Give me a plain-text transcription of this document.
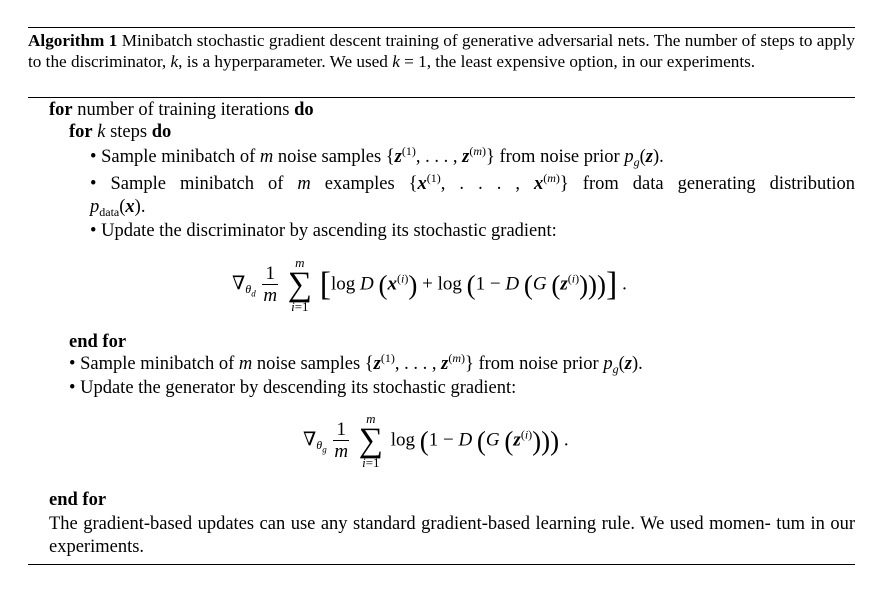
Algorithm 1 Minibatch stochastic gradient descent training of generative adversarial nets. The number of steps to apply to the discriminator, k, is a hyperparameter. We used k = 1, the least expensive option, in our experiments.
for number of training iterations do
for k steps do
• Sample minibatch of m noise samples {$z^{(1)}$, . . . , $z^{(m)}$} from noise prior $p_g(z)$.
• Sample minibatch of m examples {$x^{(1)}$, . . . , $x^{(m)}$} from data generating distribution
$p_{data}(x)$.
• Update the discriminator by ascending its stochastic gradient:
$\nabla_{\theta_d} \frac{1}{m}$

m
∑
i=1
[log D $(x^{(i)}) + \log (1 - D$ (G $(z^{(i)})$))] .
end for
• Sample minibatch of m noise samples {$z^{(1)}$, . . . , $z^{(m)}$} from noise prior $p_g(z)$.
• Update the generator by descending its stochastic gradient:
$\nabla_{\theta_g} \frac{1}{m}$

m
∑
i=1
log (1 − D (G $(z^{(i)})$)) .
end for
The gradient-based updates can use any standard gradient-based learning rule. We used momen- tum in our experiments.
